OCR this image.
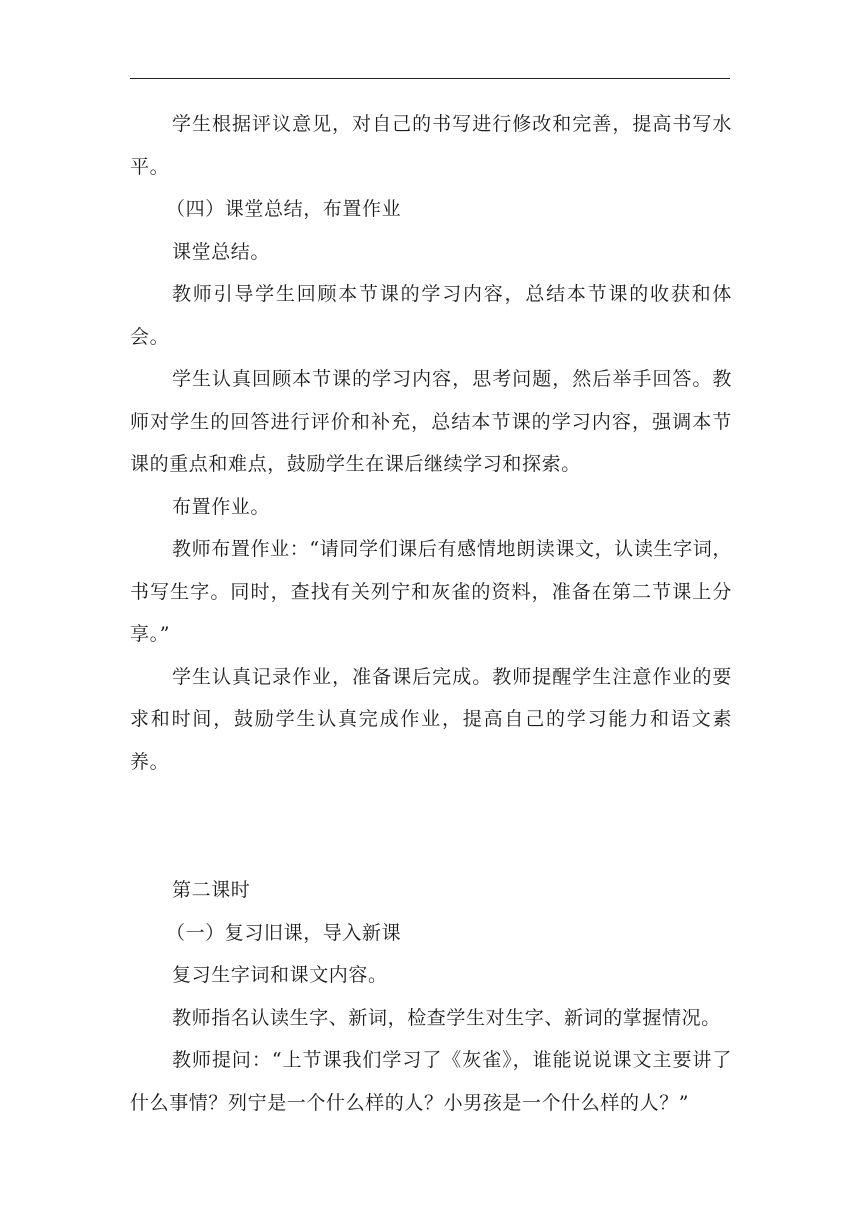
学生根据评议意见，对自己的书写进行修改和完善，提高书写水平。

（四）课堂总结，布置作业

课堂总结。

教师引导学生回顾本节课的学习内容，总结本节课的收获和体会。

学生认真回顾本节课的学习内容，思考问题，然后举手回答。教师对学生的回答进行评价和补充，总结本节课的学习内容，强调本节课的重点和难点，鼓励学生在课后继续学习和探索。

布置作业。

教师布置作业：“请同学们课后有感情地朗读课文，认读生字词，书写生字。同时，查找有关列宁和灰雀的资料，准备在第二节课上分享。”

学生认真记录作业，准备课后完成。教师提醒学生注意作业的要求和时间，鼓励学生认真完成作业，提高自己的学习能力和语文素养。

第二课时

（一）复习旧课，导入新课

复习生字词和课文内容。

教师指名认读生字、新词，检查学生对生字、新词的掌握情况。

教师提问：“上节课我们学习了《灰雀》，谁能说说课文主要讲了什么事情？列宁是一个什么样的人？小男孩是一个什么样的人？”
